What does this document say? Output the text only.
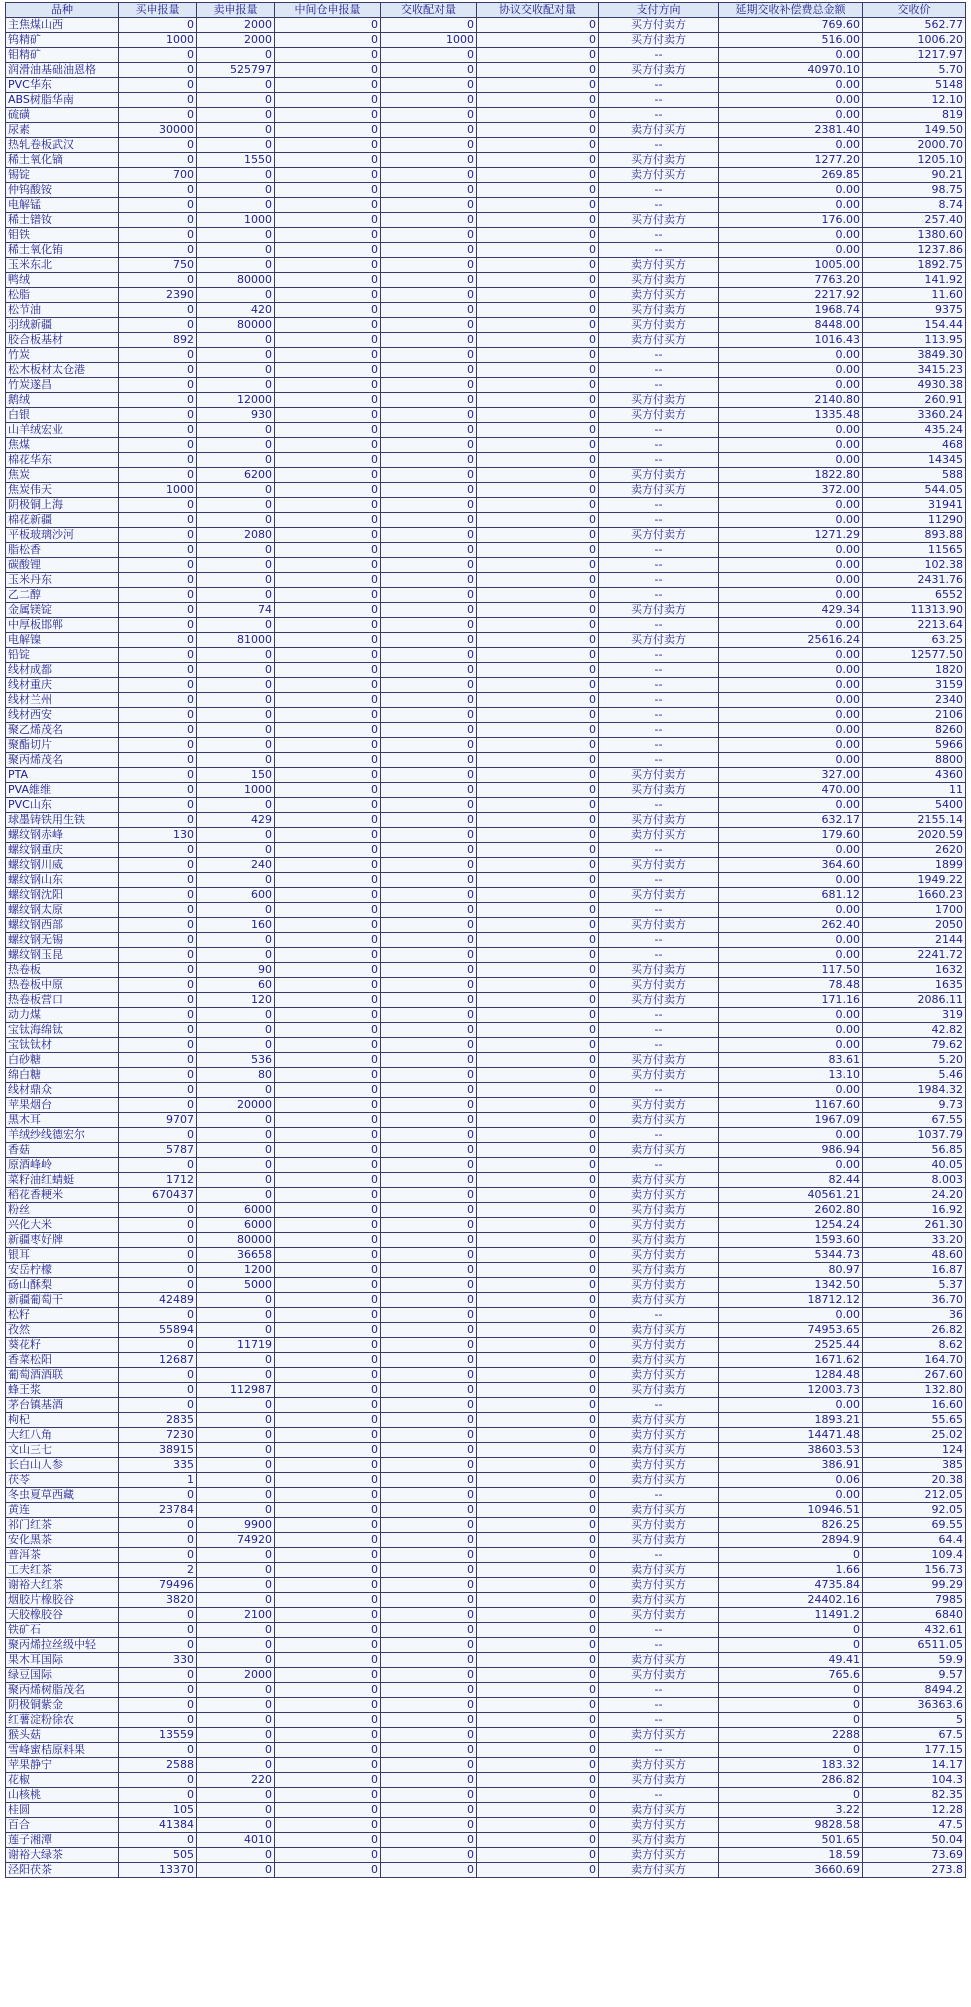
品种	买申报量	卖申报量	中间仓申报量	交收配对量	协议交收配对量	支付方向	延期交收补偿费总金额	交收价
主焦煤山西	0	2000	0	0	0	买方付卖方	769.60	562.77
钨精矿	1000	2000	0	1000	0	买方付卖方	516.00	1006.20
钼精矿	0	0	0	0	0	--	0.00	1217.97
润滑油基础油恩格	0	525797	0	0	0	买方付卖方	40970.10	5.70
PVC华东	0	0	0	0	0	--	0.00	5148
ABS树脂华南	0	0	0	0	0	--	0.00	12.10
硫磺	0	0	0	0	0	--	0.00	819
尿素	30000	0	0	0	0	卖方付买方	2381.40	149.50
热轧卷板武汉	0	0	0	0	0	--	0.00	2000.70
稀土氧化镝	0	1550	0	0	0	买方付卖方	1277.20	1205.10
锡锭	700	0	0	0	0	卖方付买方	269.85	90.21
仲钨酸铵	0	0	0	0	0	--	0.00	98.75
电解锰	0	0	0	0	0	--	0.00	8.74
稀土镨钕	0	1000	0	0	0	买方付卖方	176.00	257.40
钼铁	0	0	0	0	0	--	0.00	1380.60
稀土氧化铕	0	0	0	0	0	--	0.00	1237.86
玉米东北	750	0	0	0	0	卖方付买方	1005.00	1892.75
鸭绒	0	80000	0	0	0	买方付卖方	7763.20	141.92
松脂	2390	0	0	0	0	卖方付买方	2217.92	11.60
松节油	0	420	0	0	0	买方付卖方	1968.74	9375
羽绒新疆	0	80000	0	0	0	买方付卖方	8448.00	154.44
胶合板基材	892	0	0	0	0	卖方付买方	1016.43	113.95
竹炭	0	0	0	0	0	--	0.00	3849.30
松木板材太仓港	0	0	0	0	0	--	0.00	3415.23
竹炭遂昌	0	0	0	0	0	--	0.00	4930.38
鹅绒	0	12000	0	0	0	买方付卖方	2140.80	260.91
白银	0	930	0	0	0	买方付卖方	1335.48	3360.24
山羊绒宏业	0	0	0	0	0	--	0.00	435.24
焦煤	0	0	0	0	0	--	0.00	468
棉花华东	0	0	0	0	0	--	0.00	14345
焦炭	0	6200	0	0	0	买方付卖方	1822.80	588
焦炭伟天	1000	0	0	0	0	卖方付买方	372.00	544.05
阴极铜上海	0	0	0	0	0	--	0.00	31941
棉花新疆	0	0	0	0	0	--	0.00	11290
平板玻璃沙河	0	2080	0	0	0	买方付卖方	1271.29	893.88
脂松香	0	0	0	0	0	--	0.00	11565
碳酸锂	0	0	0	0	0	--	0.00	102.38
玉米丹东	0	0	0	0	0	--	0.00	2431.76
乙二醇	0	0	0	0	0	--	0.00	6552
金属镁锭	0	74	0	0	0	买方付卖方	429.34	11313.90
中厚板邯郸	0	0	0	0	0	--	0.00	2213.64
电解镍	0	81000	0	0	0	买方付卖方	25616.24	63.25
铅锭	0	0	0	0	0	--	0.00	12577.50
线材成都	0	0	0	0	0	--	0.00	1820
线材重庆	0	0	0	0	0	--	0.00	3159
线材兰州	0	0	0	0	0	--	0.00	2340
线材西安	0	0	0	0	0	--	0.00	2106
聚乙烯茂名	0	0	0	0	0	--	0.00	8260
聚酯切片	0	0	0	0	0	--	0.00	5966
聚丙烯茂名	0	0	0	0	0	--	0.00	8800
PTA	0	150	0	0	0	买方付卖方	327.00	4360
PVA維维	0	1000	0	0	0	买方付卖方	470.00	11
PVC山东	0	0	0	0	0	--	0.00	5400
球墨铸铁用生铁	0	429	0	0	0	买方付卖方	632.17	2155.14
螺纹钢赤峰	130	0	0	0	0	卖方付买方	179.60	2020.59
螺纹钢重庆	0	0	0	0	0	--	0.00	2620
螺纹钢川威	0	240	0	0	0	买方付卖方	364.60	1899
螺纹钢山东	0	0	0	0	0	--	0.00	1949.22
螺纹钢沈阳	0	600	0	0	0	买方付卖方	681.12	1660.23
螺纹钢太原	0	0	0	0	0	--	0.00	1700
螺纹钢西部	0	160	0	0	0	买方付卖方	262.40	2050
螺纹钢无锡	0	0	0	0	0	--	0.00	2144
螺纹钢玉昆	0	0	0	0	0	--	0.00	2241.72
热卷板	0	90	0	0	0	买方付卖方	117.50	1632
热卷板中原	0	60	0	0	0	买方付卖方	78.48	1635
热卷板营口	0	120	0	0	0	买方付卖方	171.16	2086.11
动力煤	0	0	0	0	0	--	0.00	319
宝钛海绵钛	0	0	0	0	0	--	0.00	42.82
宝钛钛材	0	0	0	0	0	--	0.00	79.62
白砂糖	0	536	0	0	0	买方付卖方	83.61	5.20
绵白糖	0	80	0	0	0	买方付卖方	13.10	5.46
线材鼎众	0	0	0	0	0	--	0.00	1984.32
苹果烟台	0	20000	0	0	0	买方付卖方	1167.60	9.73
黑木耳	9707	0	0	0	0	卖方付买方	1967.09	67.55
羊绒纱线德宏尔	0	0	0	0	0	--	0.00	1037.79
香菇	5787	0	0	0	0	卖方付买方	986.94	56.85
原酒峰岭	0	0	0	0	0	--	0.00	40.05
菜籽油红蜻蜓	1712	0	0	0	0	卖方付买方	82.44	8.003
稻花香粳米	670437	0	0	0	0	卖方付买方	40561.21	24.20
粉丝	0	6000	0	0	0	买方付卖方	2602.80	16.92
兴化大米	0	6000	0	0	0	买方付卖方	1254.24	261.30
新疆枣好牌	0	80000	0	0	0	买方付卖方	1593.60	33.20
银耳	0	36658	0	0	0	买方付卖方	5344.73	48.60
安岳柠檬	0	1200	0	0	0	买方付卖方	80.97	16.87
砀山酥梨	0	5000	0	0	0	买方付卖方	1342.50	5.37
新疆葡萄干	42489	0	0	0	0	卖方付买方	18712.12	36.70
松籽	0	0	0	0	0	--	0.00	36
孜然	55894	0	0	0	0	卖方付买方	74953.65	26.82
葵花籽	0	11719	0	0	0	买方付卖方	2525.44	8.62
香菜松阳	12687	0	0	0	0	卖方付买方	1671.62	164.70
葡萄酒酒联	0	0	0	0	0	卖方付买方	1284.48	267.60
蜂王浆	0	112987	0	0	0	买方付卖方	12003.73	132.80
茅台镇基酒	0	0	0	0	0	--	0.00	16.60
枸杞	2835	0	0	0	0	卖方付买方	1893.21	55.65
大红八角	7230	0	0	0	0	卖方付买方	14471.48	25.02
文山三七	38915	0	0	0	0	卖方付买方	38603.53	124
长白山人参	335	0	0	0	0	卖方付买方	386.91	385
茯苓	1	0	0	0	0	卖方付买方	0.06	20.38
冬虫夏草西藏	0	0	0	0	0	--	0.00	212.05
黄连	23784	0	0	0	0	卖方付买方	10946.51	92.05
祁门红茶	0	9900	0	0	0	买方付卖方	826.25	69.55
安化黑茶	0	74920	0	0	0	买方付卖方	2894.9	64.4
普洱茶	0	0	0	0	0	--	0	109.4
工夫红茶	2	0	0	0	0	卖方付买方	1.66	156.73
谢裕大红茶	79496	0	0	0	0	卖方付买方	4735.84	99.29
烟胶片橡胶谷	3820	0	0	0	0	卖方付买方	24402.16	7985
天胶橡胶谷	0	2100	0	0	0	买方付卖方	11491.2	6840
铁矿石	0	0	0	0	0	--	0	432.61
聚丙烯拉丝级中轻	0	0	0	0	0	--	0	6511.05
果木耳国际	330	0	0	0	0	卖方付买方	49.41	59.9
绿豆国际	0	2000	0	0	0	买方付卖方	765.6	9.57
聚丙烯树脂茂名	0	0	0	0	0	--	0	8494.2
阴极铜紫金	0	0	0	0	0	--	0	36363.6
红薯淀粉徐农	0	0	0	0	0	--	0	5
猴头菇	13559	0	0	0	0	卖方付买方	2288	67.5
雪峰蜜桔原料果	0	0	0	0	0	--	0	177.15
苹果静宁	2588	0	0	0	0	卖方付买方	183.32	14.17
花椒	0	220	0	0	0	买方付卖方	286.82	104.3
山核桃	0	0	0	0	0	--	0	82.35
桂圆	105	0	0	0	0	卖方付买方	3.22	12.28
百合	41384	0	0	0	0	卖方付买方	9828.58	47.5
莲子湘潭	0	4010	0	0	0	买方付卖方	501.65	50.04
谢裕大绿茶	505	0	0	0	0	卖方付买方	18.59	73.69
泾阳茯茶	13370	0	0	0	0	卖方付买方	3660.69	273.8
